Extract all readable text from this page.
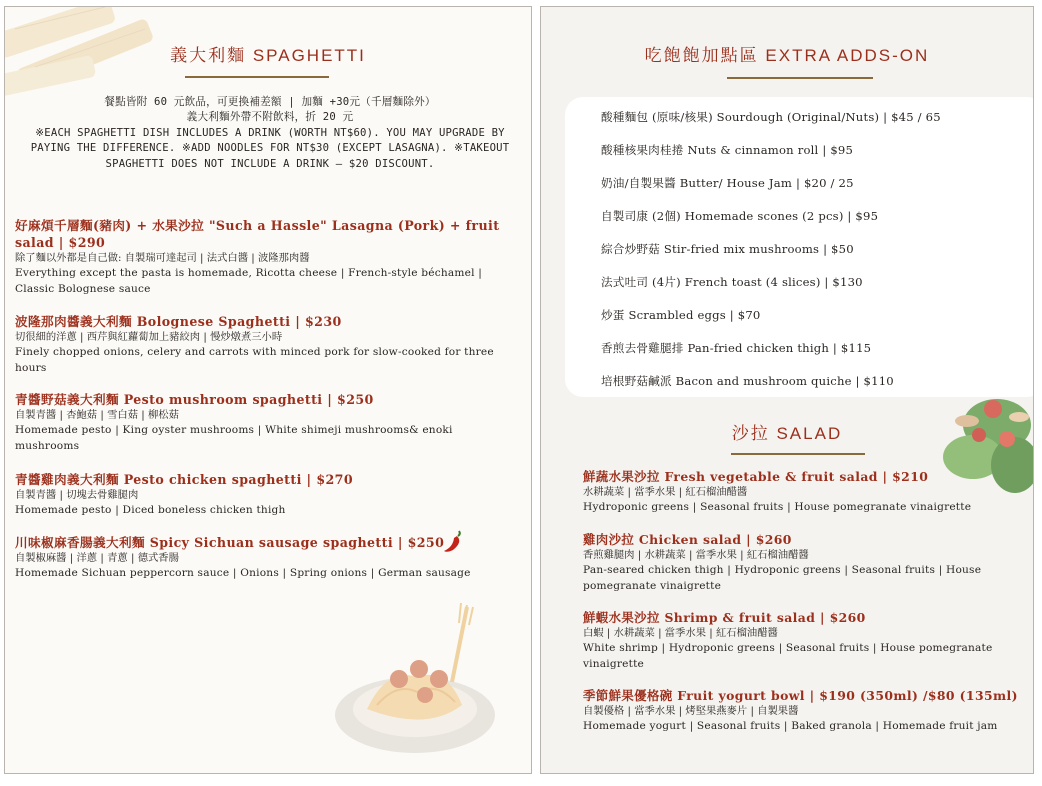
義大利麵 SPAGHETTI
餐點皆附 60 元飲品，可更換補差額 | 加麵 +30元（千層麵除外）
義大利麵外帶不附飲料，折 20 元
※EACH SPAGHETTI DISH INCLUDES A DRINK (WORTH NT$60). YOU MAY UPGRADE BY PAYING THE DIFFERENCE. ※ADD NOODLES FOR NT$30 (EXCEPT LASAGNA). ※TAKEOUT SPAGHETTI DOES NOT INCLUDE A DRINK – $20 DISCOUNT.
好麻煩千層麵(豬肉) + 水果沙拉 "Such a Hassle" Lasagna (Pork) + fruit salad | $290
除了麵以外都是自己做: 自製瑞可達起司 | 法式白醬 | 波隆那肉醬
Everything except the pasta is homemade, Ricotta cheese | French-style béchamel | Classic Bolognese sauce
波隆那肉醬義大利麵 Bolognese Spaghetti | $230
切很細的洋蔥 | 西芹與紅蘿蔔加上豬絞肉 | 慢炒燉煮三小時
Finely chopped onions, celery and carrots with minced pork for slow-cooked for three hours
青醬野菇義大利麵 Pesto mushroom spaghetti | $250
自製青醬 | 杏鮑菇 | 雪白菇 | 柳松菇
Homemade pesto | King oyster mushrooms | White shimeji mushrooms& enoki mushrooms
青醬雞肉義大利麵 Pesto chicken spaghetti | $270
自製青醬 | 切塊去骨雞腿肉
Homemade pesto | Diced boneless chicken thigh
川味椒麻香腸義大利麵 Spicy Sichuan sausage spaghetti | $250
自製椒麻醬 | 洋蔥 | 青蔥 | 德式香腸
Homemade Sichuan peppercorn sauce | Onions | Spring onions | German sausage
吃飽飽加點區 EXTRA ADDS-ON
酸種麵包 (原味/核果) Sourdough (Original/Nuts) | $45 / 65
酸種核果肉桂捲 Nuts & cinnamon roll | $95
奶油/自製果醬 Butter/ House Jam | $20 / 25
自製司康 (2個) Homemade scones (2 pcs) | $95
綜合炒野菇 Stir-fried mix mushrooms | $50
法式吐司 (4片) French toast (4 slices) | $130
炒蛋 Scrambled eggs | $70
香煎去骨雞腿排 Pan-fried chicken thigh | $115
培根野菇鹹派 Bacon and mushroom quiche | $110
沙拉 SALAD
鮮蔬水果沙拉 Fresh vegetable & fruit salad | $210
水耕蔬菜 | 當季水果 | 紅石榴油醋醬
Hydroponic greens | Seasonal fruits | House pomegranate vinaigrette
雞肉沙拉 Chicken salad | $260
香煎雞腿肉 | 水耕蔬菜 | 當季水果 | 紅石榴油醋醬
Pan-seared chicken thigh | Hydroponic greens | Seasonal fruits | House pomegranate vinaigrette
鮮蝦水果沙拉 Shrimp & fruit salad | $260
白蝦 | 水耕蔬菜 | 當季水果 | 紅石榴油醋醬
White shrimp | Hydroponic greens | Seasonal fruits | House pomegranate vinaigrette
季節鮮果優格碗 Fruit yogurt bowl | $190 (350ml) /$80 (135ml)
自製優格 | 當季水果 | 烤堅果燕麥片 | 自製果醬
Homemade yogurt | Seasonal fruits | Baked granola | Homemade fruit jam
